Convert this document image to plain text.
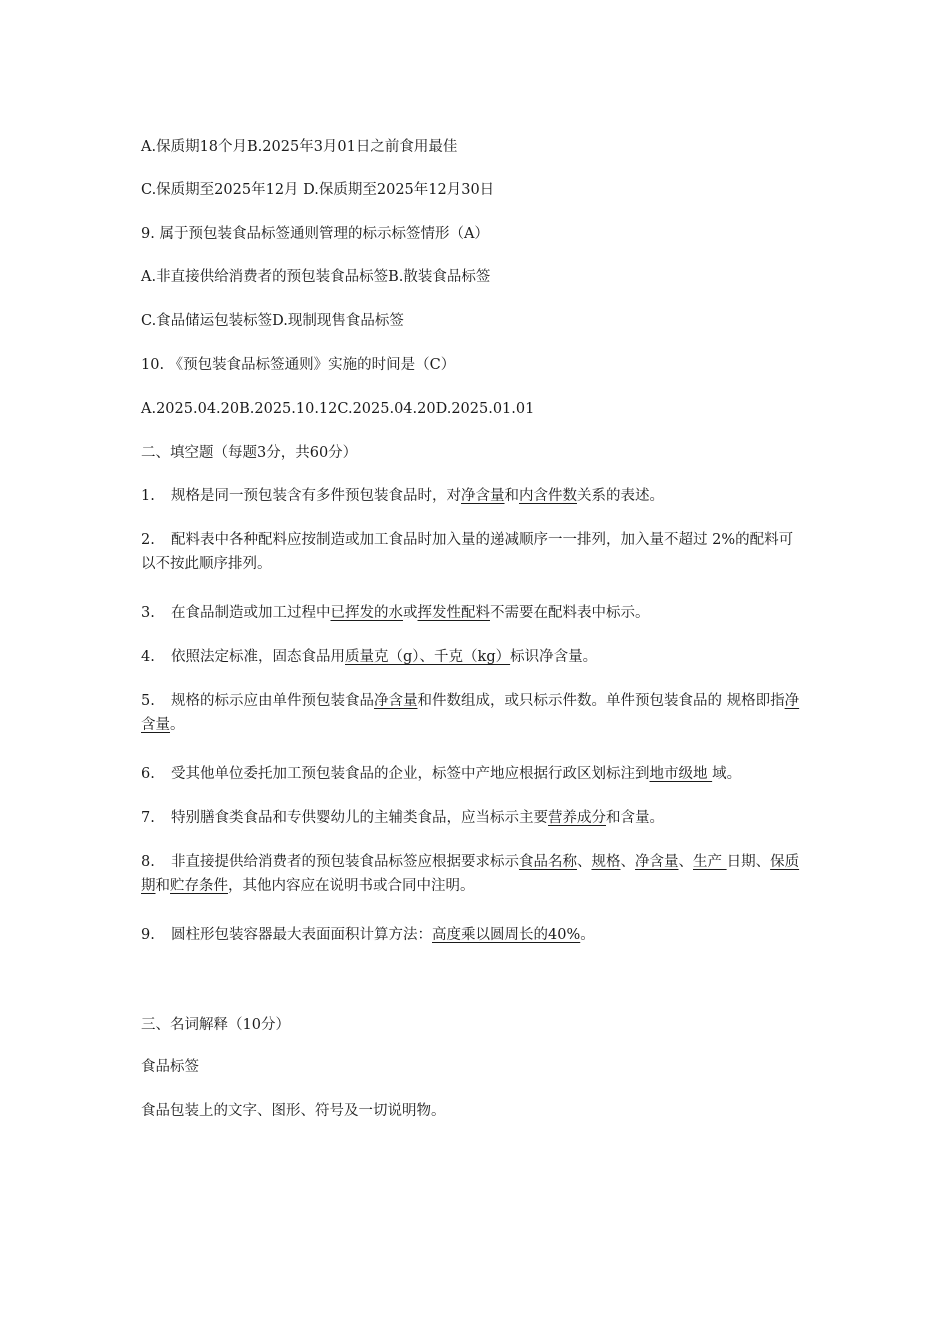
A.保质期18个月B.2025年3月01日之前食用最佳

C.保质期至2025年12月 D.保质期至2025年12月30日

9. 属于预包装食品标签通则管理的标示标签情形（A）

A.非直接供给消费者的预包装食品标签B.散装食品标签

C.食品储运包装标签D.现制现售食品标签

10. 《预包装食品标签通则》实施的时间是（C）

A.2025.04.20B.2025.10.12C.2025.04.20D.2025.01.01

二、填空题（每题3分，共60分）

1. 规格是同一预包装含有多件预包装食品时，对净含量和内含件数关系的表述。

2. 配料表中各种配料应按制造或加工食品时加入量的递减顺序一一排列，加入量不超过 2%的配料可以不按此顺序排列。

3. 在食品制造或加工过程中已挥发的水或挥发性配料不需要在配料表中标示。

4. 依照法定标准，固态食品用质量克（g）、千克（kg）标识净含量。

5. 规格的标示应由单件预包装食品净含量和件数组成，或只标示件数。单件预包装食品的 规格即指净含量。

6. 受其他单位委托加工预包装食品的企业，标签中产地应根据行政区划标注到地市级地 域。

7. 特别膳食类食品和专供婴幼儿的主辅类食品，应当标示主要营养成分和含量。

8. 非直接提供给消费者的预包装食品标签应根据要求标示食品名称、规格、净含量、生产 日期、保质期和贮存条件，其他内容应在说明书或合同中注明。

9. 圆柱形包装容器最大表面面积计算方法：高度乘以圆周长的40%。

三、名词解释（10分）

食品标签

食品包装上的文字、图形、符号及一切说明物。
